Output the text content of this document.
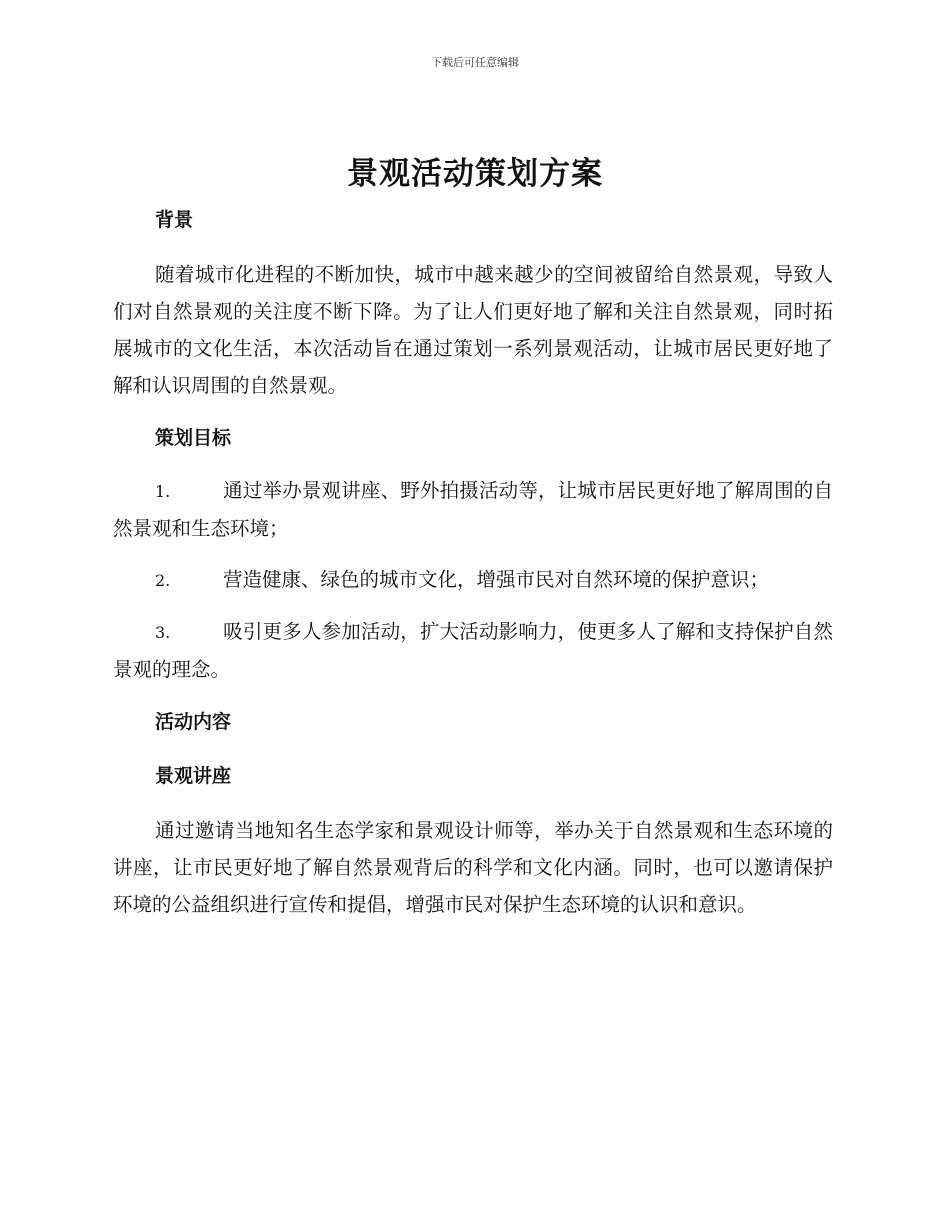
下载后可任意编辑
景观活动策划方案
背景

随着城市化进程的不断加快，城市中越来越少的空间被留给自然景观，导致人们对自然景观的关注度不断下降。为了让人们更好地了解和关注自然景观，同时拓展城市的文化生活，本次活动旨在通过策划一系列景观活动，让城市居民更好地了解和认识周围的自然景观。

策划目标

1.	通过举办景观讲座、野外拍摄活动等，让城市居民更好地了解周围的自然景观和生态环境；

2.	营造健康、绿色的城市文化，增强市民对自然环境的保护意识；

3.	吸引更多人参加活动，扩大活动影响力，使更多人了解和支持保护自然景观的理念。

活动内容
景观讲座

通过邀请当地知名生态学家和景观设计师等，举办关于自然景观和生态环境的讲座，让市民更好地了解自然景观背后的科学和文化内涵。同时，也可以邀请保护环境的公益组织进行宣传和提倡，增强市民对保护生态环境的认识和意识。
